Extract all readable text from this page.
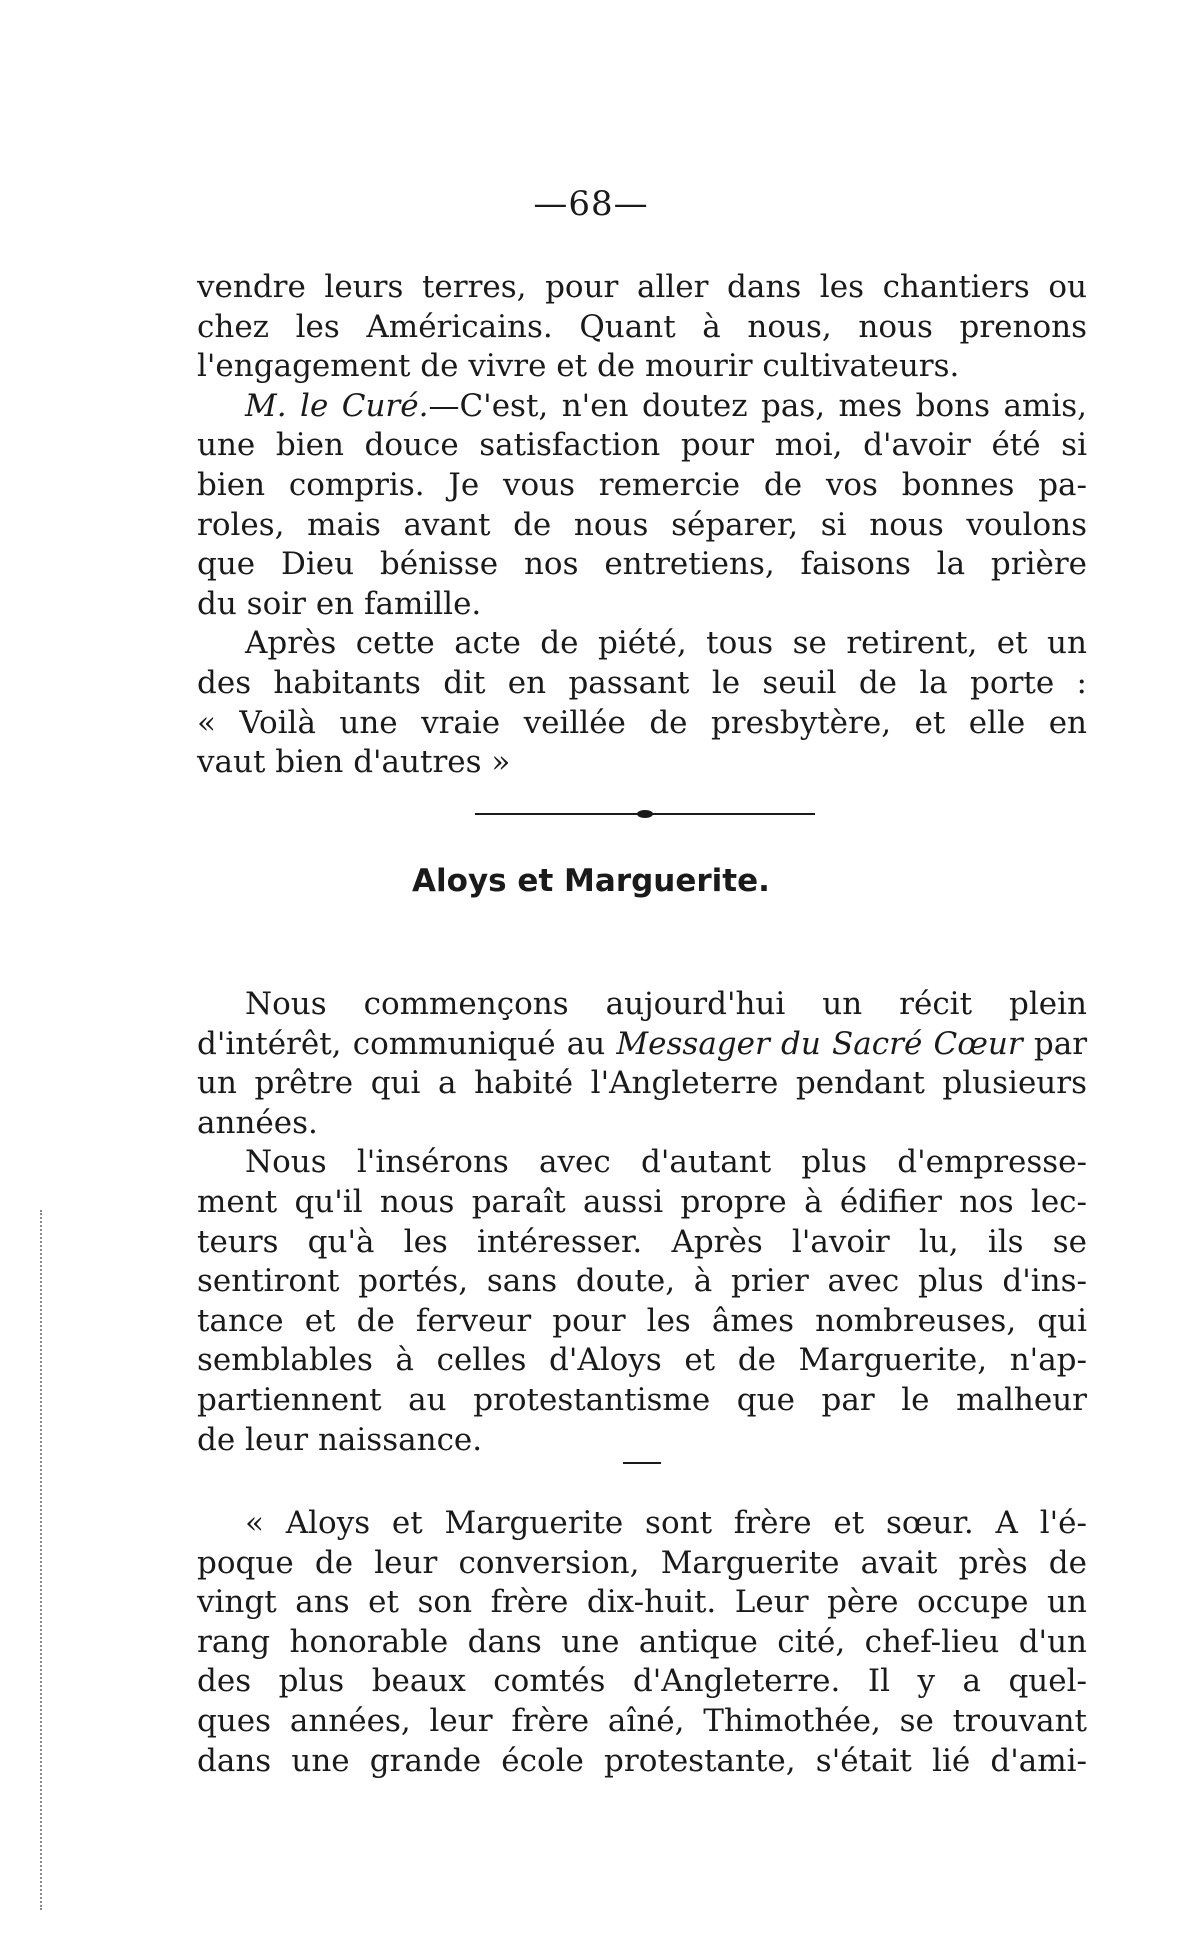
—68—
vendre leurs terres, pour aller dans les chantiers ou
chez les Américains. Quant à nous, nous prenons
l'engagement de vivre et de mourir cultivateurs.
M. le Curé.—C'est, n'en doutez pas, mes bons amis,
une bien douce satisfaction pour moi, d'avoir été si
bien compris. Je vous remercie de vos bonnes pa-
roles, mais avant de nous séparer, si nous voulons
que Dieu bénisse nos entretiens, faisons la prière
du soir en famille.
Après cette acte de piété, tous se retirent, et un
des habitants dit en passant le seuil de la porte :
« Voilà une vraie veillée de presbytère, et elle en
vaut bien d'autres »
Aloys et Marguerite.
Nous commençons aujourd'hui un récit plein
d'intérêt, communiqué au Messager du Sacré Cœur par
un prêtre qui a habité l'Angleterre pendant plusieurs
années.
Nous l'insérons avec d'autant plus d'empresse-
ment qu'il nous paraît aussi propre à édifier nos lec-
teurs qu'à les intéresser. Après l'avoir lu, ils se
sentiront portés, sans doute, à prier avec plus d'ins-
tance et de ferveur pour les âmes nombreuses, qui
semblables à celles d'Aloys et de Marguerite, n'ap-
partiennent au protestantisme que par le malheur
de leur naissance.
« Aloys et Marguerite sont frère et sœur. A l'é-
poque de leur conversion, Marguerite avait près de
vingt ans et son frère dix-huit. Leur père occupe un
rang honorable dans une antique cité, chef-lieu d'un
des plus beaux comtés d'Angleterre. Il y a quel-
ques années, leur frère aîné, Thimothée, se trouvant
dans une grande école protestante, s'était lié d'ami-
